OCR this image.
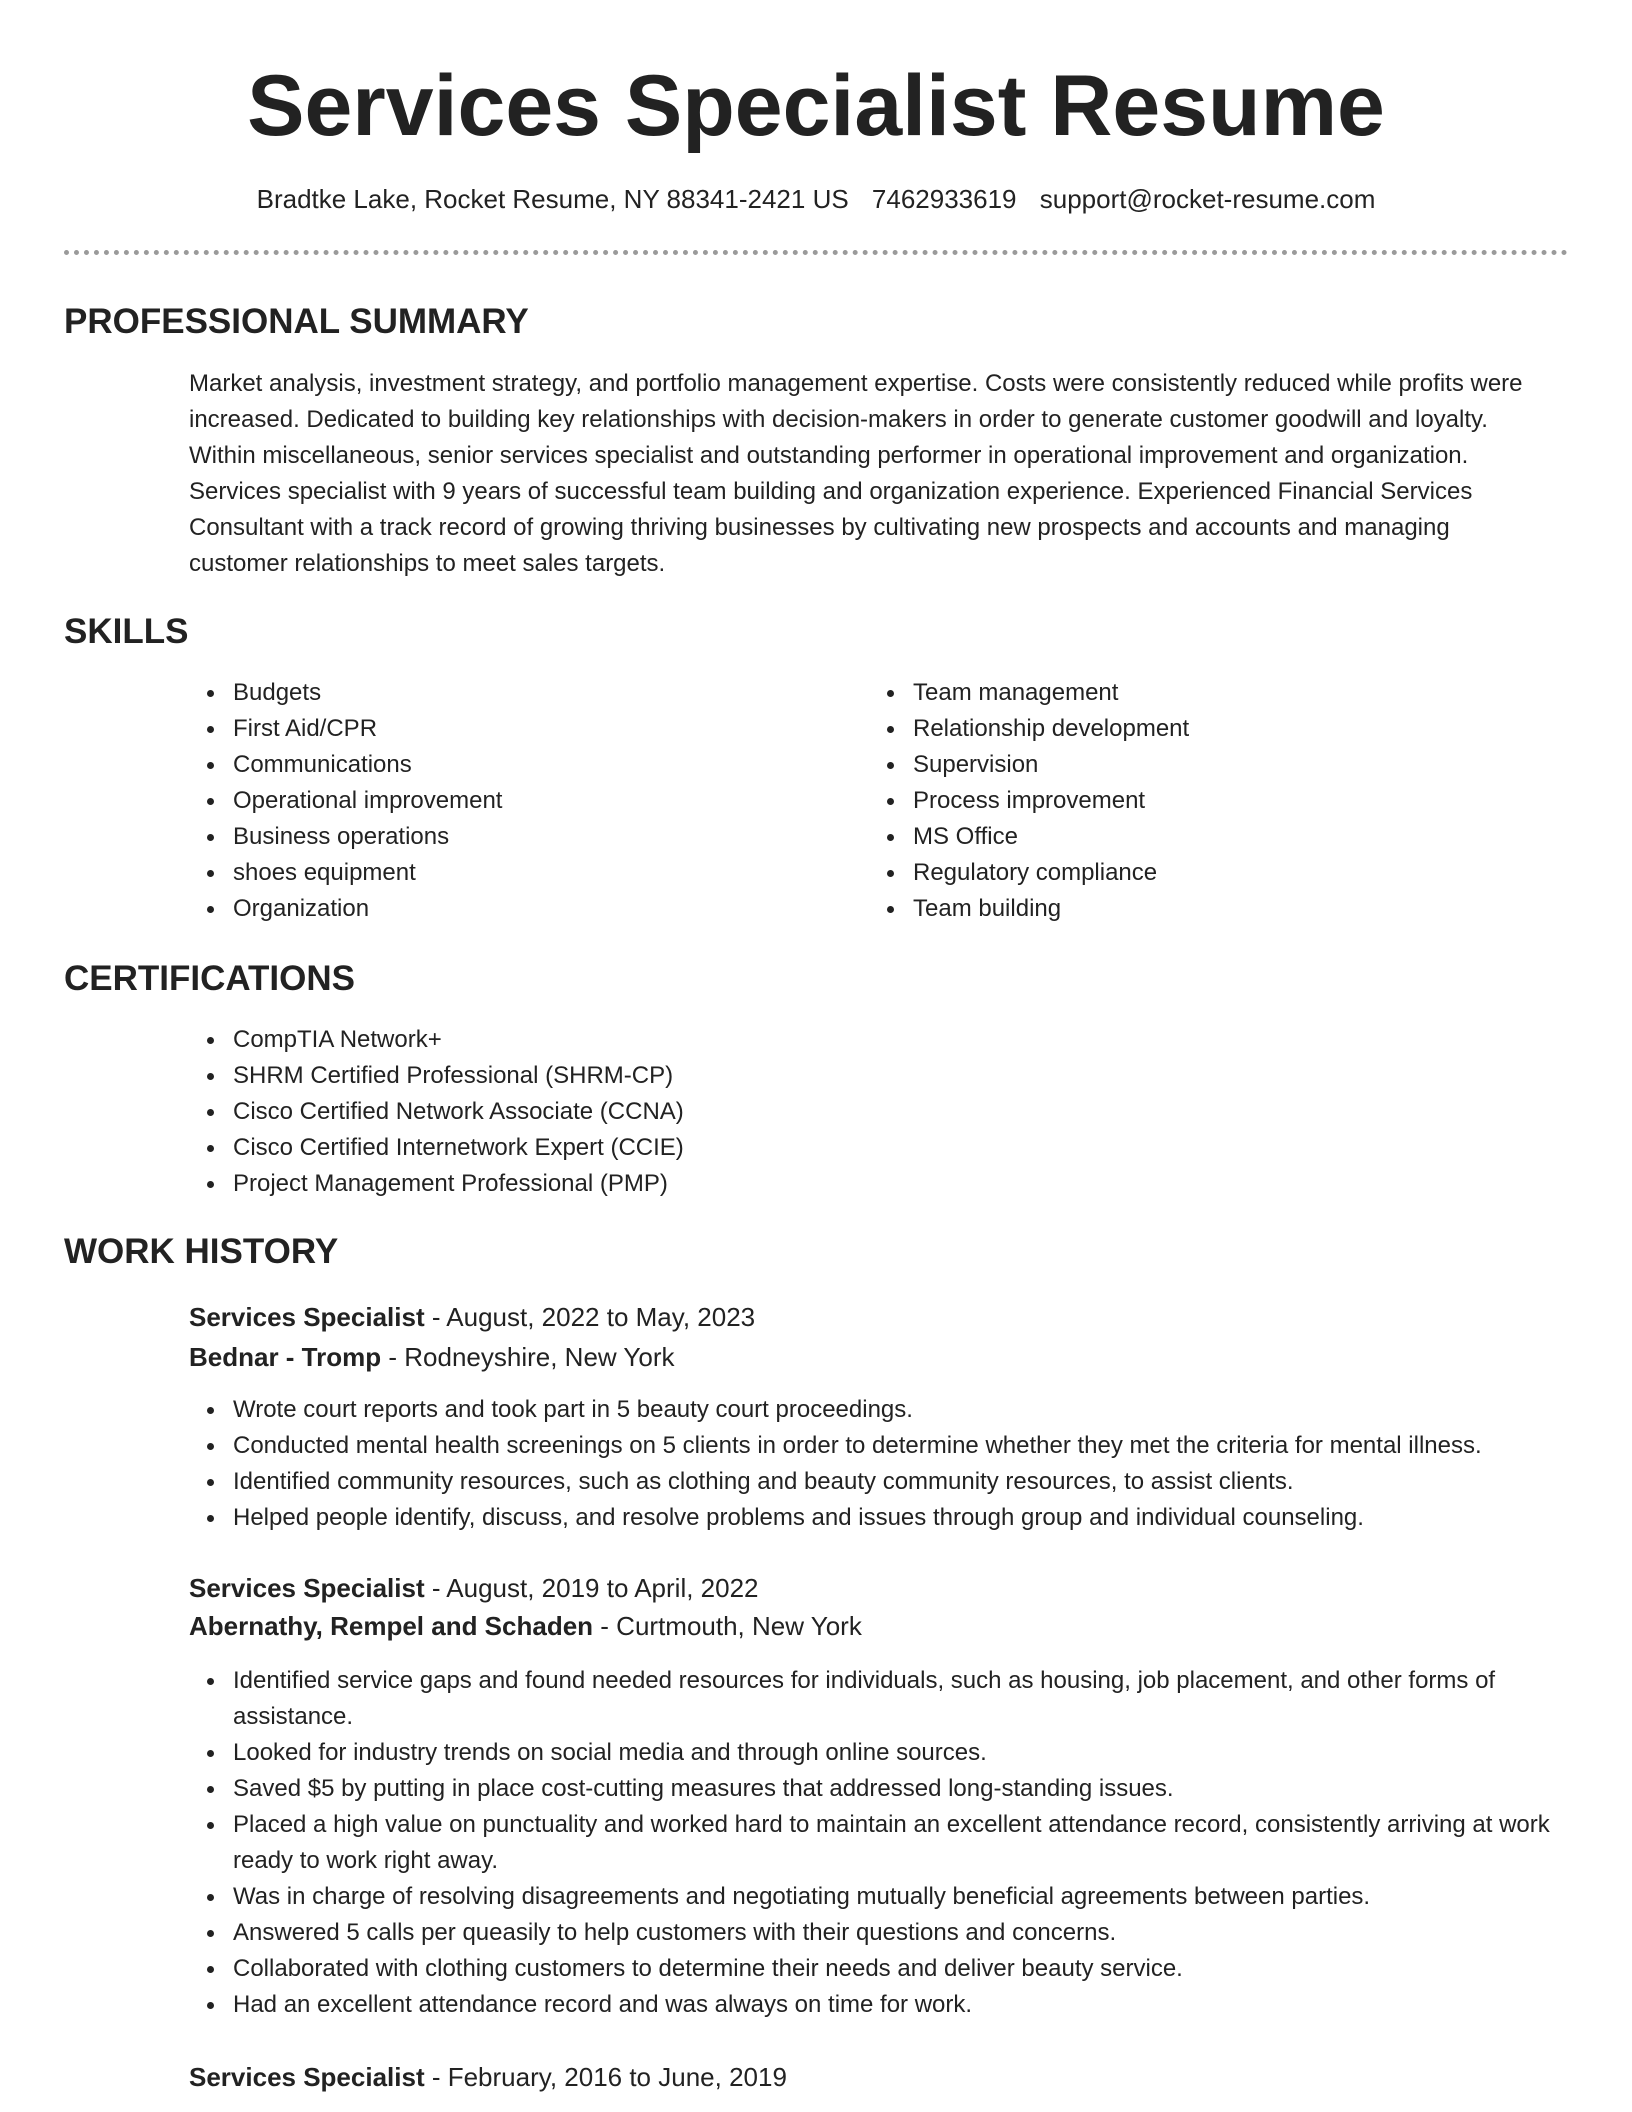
Services Specialist Resume
Bradtke Lake, Rocket Resume, NY 88341-2421 US 7462933619 support@rocket-resume.com
PROFESSIONAL SUMMARY

Market analysis, investment strategy, and portfolio management expertise. Costs were consistently reduced while profits were increased. Dedicated to building key relationships with decision-makers in order to generate customer goodwill and loyalty. Within miscellaneous, senior services specialist and outstanding performer in operational improvement and organization. Services specialist with 9 years of successful team building and organization experience. Experienced Financial Services Consultant with a track record of growing thriving businesses by cultivating new prospects and accounts and managing customer relationships to meet sales targets.

SKILLS
Budgets
First Aid/CPR
Communications
Operational improvement
Business operations
shoes equipment
Organization
Team management
Relationship development
Supervision
Process improvement
MS Office
Regulatory compliance
Team building
CERTIFICATIONS
CompTIA Network+
SHRM Certified Professional (SHRM-CP)
Cisco Certified Network Associate (CCNA)
Cisco Certified Internetwork Expert (CCIE)
Project Management Professional (PMP)
WORK HISTORY
Services Specialist - August, 2022 to May, 2023
Bednar - Tromp - Rodneyshire, New York
Wrote court reports and took part in 5 beauty court proceedings.
Conducted mental health screenings on 5 clients in order to determine whether they met the criteria for mental illness.
Identified community resources, such as clothing and beauty community resources, to assist clients.
Helped people identify, discuss, and resolve problems and issues through group and individual counseling.
Services Specialist - August, 2019 to April, 2022
Abernathy, Rempel and Schaden - Curtmouth, New York
Identified service gaps and found needed resources for individuals, such as housing, job placement, and other forms of assistance.
Looked for industry trends on social media and through online sources.
Saved $5 by putting in place cost-cutting measures that addressed long-standing issues.
Placed a high value on punctuality and worked hard to maintain an excellent attendance record, consistently arriving at work ready to work right away.
Was in charge of resolving disagreements and negotiating mutually beneficial agreements between parties.
Answered 5 calls per queasily to help customers with their questions and concerns.
Collaborated with clothing customers to determine their needs and deliver beauty service.
Had an excellent attendance record and was always on time for work.
Services Specialist - February, 2016 to June, 2019
